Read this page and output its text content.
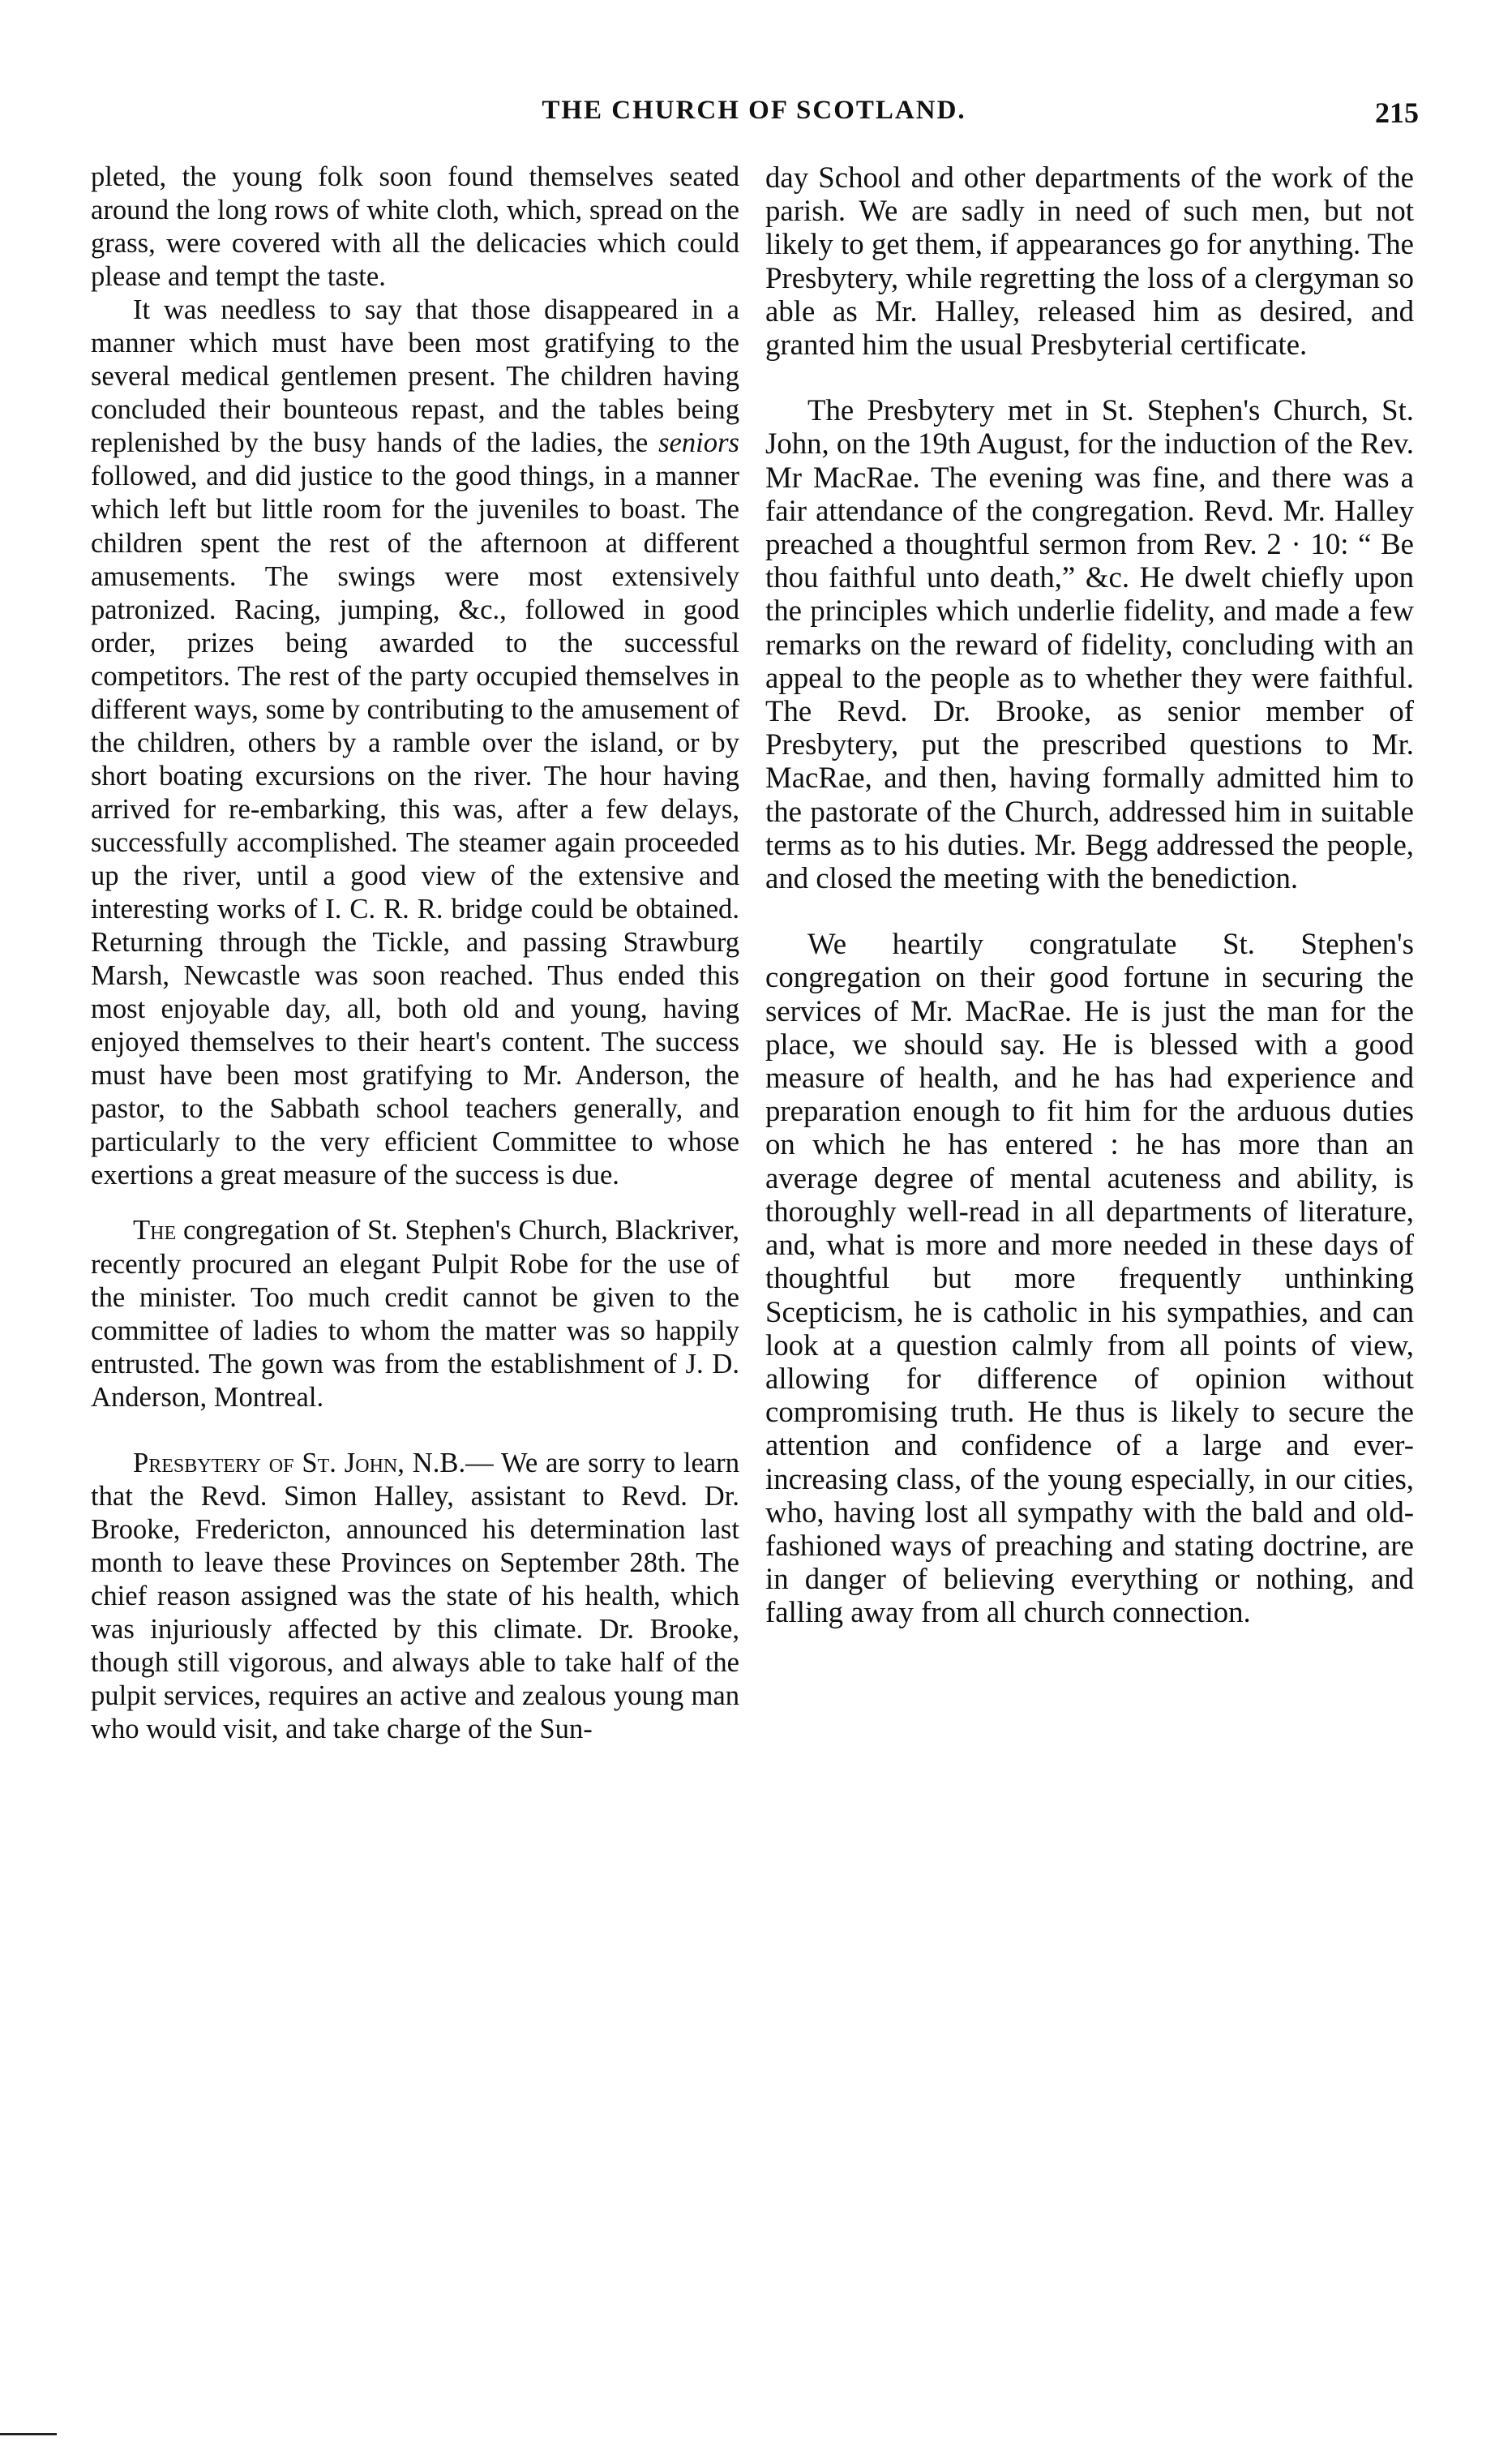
THE CHURCH OF SCOTLAND.	215

pleted, the young folk soon found themselves seated around the long rows of white cloth, which, spread on the grass, were covered with all the delicacies which could please and tempt the taste.

It was needless to say that those disappeared in a manner which must have been most gratifying to the several medical gentlemen present. The children having concluded their bounteous repast, and the tables being replenished by the busy hands of the ladies, the seniors followed, and did justice to the good things, in a manner which left but little room for the juveniles to boast. The children spent the rest of the afternoon at different amusements. The swings were most extensively patronized. Racing, jumping, &c., followed in good order, prizes being awarded to the successful competitors. The rest of the party occupied themselves in different ways, some by contributing to the amusement of the children, others by a ramble over the island, or by short boating excursions on the river. The hour having arrived for re-embarking, this was, after a few delays, successfully accomplished. The steamer again proceeded up the river, until a good view of the extensive and interesting works of I. C. R. R. bridge could be obtained. Returning through the Tickle, and passing Strawburg Marsh, Newcastle was soon reached. Thus ended this most enjoyable day, all, both old and young, having enjoyed themselves to their heart's content. The success must have been most gratifying to Mr. Anderson, the pastor, to the Sabbath school teachers generally, and particularly to the very efficient Committee to whose exertions a great measure of the success is due.

The congregation of St. Stephen's Church, Blackriver, recently procured an elegant Pulpit Robe for the use of the minister. Too much credit cannot be given to the committee of ladies to whom the matter was so happily entrusted. The gown was from the establishment of J. D. Anderson, Montreal.

Presbytery of St. John, N.B.— We are sorry to learn that the Revd. Simon Halley, assistant to Revd. Dr. Brooke, Fredericton, announced his determination last month to leave these Provinces on September 28th. The chief reason assigned was the state of his health, which was injuriously affected by this climate. Dr. Brooke, though still vigorous, and always able to take half of the pulpit services, requires an active and zealous young man who would visit, and take charge of the Sun-

day School and other departments of the work of the parish. We are sadly in need of such men, but not likely to get them, if appearances go for anything. The Presbytery, while regretting the loss of a clergyman so able as Mr. Halley, released him as desired, and granted him the usual Presbyterial certificate.

The Presbytery met in St. Stephen's Church, St. John, on the 19th August, for the induction of the Rev. Mr MacRae. The evening was fine, and there was a fair attendance of the congregation. Revd. Mr. Halley preached a thoughtful sermon from Rev. 2 · 10: “ Be thou faithful unto death,” &c. He dwelt chiefly upon the principles which underlie fidelity, and made a few remarks on the reward of fidelity, concluding with an appeal to the people as to whether they were faithful. The Revd. Dr. Brooke, as senior member of Presbytery, put the prescribed questions to Mr. MacRae, and then, having formally admitted him to the pastorate of the Church, addressed him in suitable terms as to his duties. Mr. Begg addressed the people, and closed the meeting with the benediction.

We heartily congratulate St. Stephen's congregation on their good fortune in securing the services of Mr. MacRae. He is just the man for the place, we should say. He is blessed with a good measure of health, and he has had experience and preparation enough to fit him for the arduous duties on which he has entered : he has more than an average degree of mental acuteness and ability, is thoroughly well-read in all departments of literature, and, what is more and more needed in these days of thoughtful but more frequently unthinking Scepticism, he is catholic in his sympathies, and can look at a question calmly from all points of view, allowing for difference of opinion without compromising truth. He thus is likely to secure the attention and confidence of a large and ever-increasing class, of the young especially, in our cities, who, having lost all sympathy with the bald and old-fashioned ways of preaching and stating doctrine, are in danger of believing everything or nothing, and falling away from all church connection.
